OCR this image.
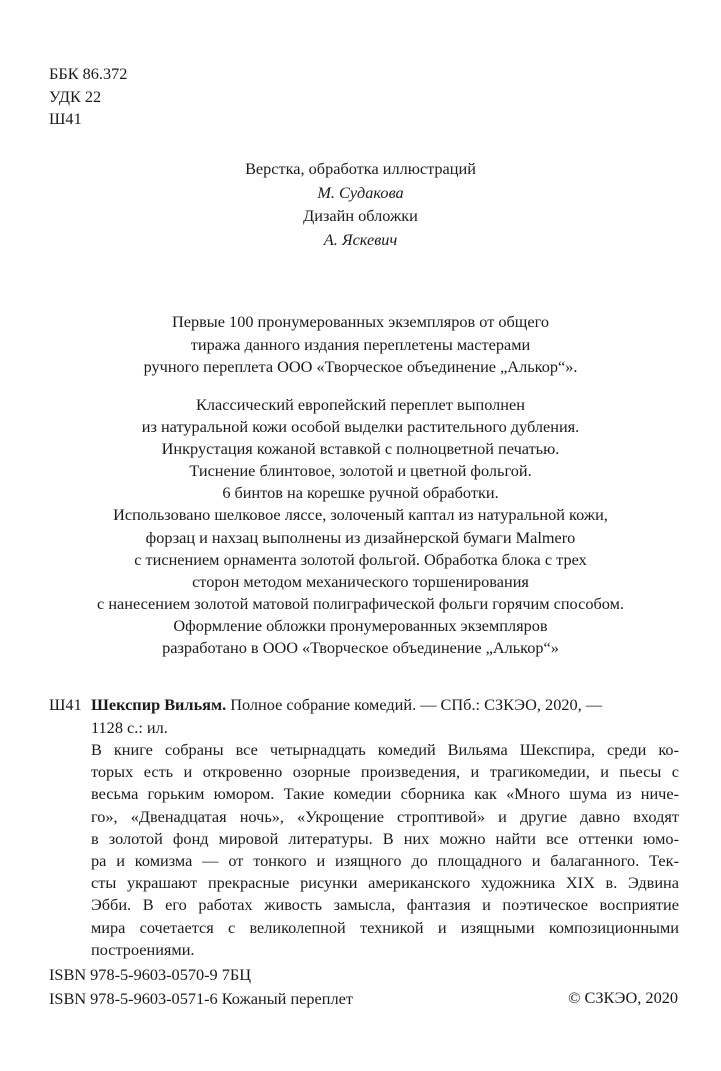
ББК 86.372
УДК 22
Ш41
Верстка, обработка иллюстраций
М. Судакова
Дизайн обложки
А. Яскевич
Первые 100 пронумерованных экземпляров от общего
тиража данного издания переплетены мастерами
ручного переплета ООО «Творческое объединение „Алькор“».
Классический европейский переплет выполнен
из натуральной кожи особой выделки растительного дубления.
Инкрустация кожаной вставкой с полноцветной печатью.
Тиснение блинтовое, золотой и цветной фольгой.
6 бинтов на корешке ручной обработки.
Использовано шелковое ляссе, золоченый каптал из натуральной кожи,
форзац и нахзац выполнены из дизайнерской бумаги Malmero
с тиснением орнамента золотой фольгой. Обработка блока с трех
сторон методом механического торшенирования
с нанесением золотой матовой полиграфической фольги горячим способом.
Оформление обложки пронумерованных экземпляров
разработано в ООО «Творческое объединение „Алькор“»
Ш41 Шекспир Вильям. Полное собрание комедий. — СПб.: СЗКЭО, 2020, —
1128 с.: ил.
В книге собраны все четырнадцать комедий Вильяма Шекспира, среди ко-
торых есть и откровенно озорные произведения, и трагикомедии, и пьесы с
весьма горьким юмором. Такие комедии сборника как «Много шума из ниче-
го», «Двенадцатая ночь», «Укрощение строптивой» и другие давно входят
в золотой фонд мировой литературы. В них можно найти все оттенки юмо-
ра и комизма — от тонкого и изящного до площадного и балаганного. Тек-
сты украшают прекрасные рисунки американского художника XIX в. Эдвина
Эбби. В его работах живость замысла, фантазия и поэтическое восприятие
мира сочетается с великолепной техникой и изящными композиционными
построениями.
ISBN 978-5-9603-0570-9 7БЦ
ISBN 978-5-9603-0571-6 Кожаный переплет	© СЗКЭО, 2020
